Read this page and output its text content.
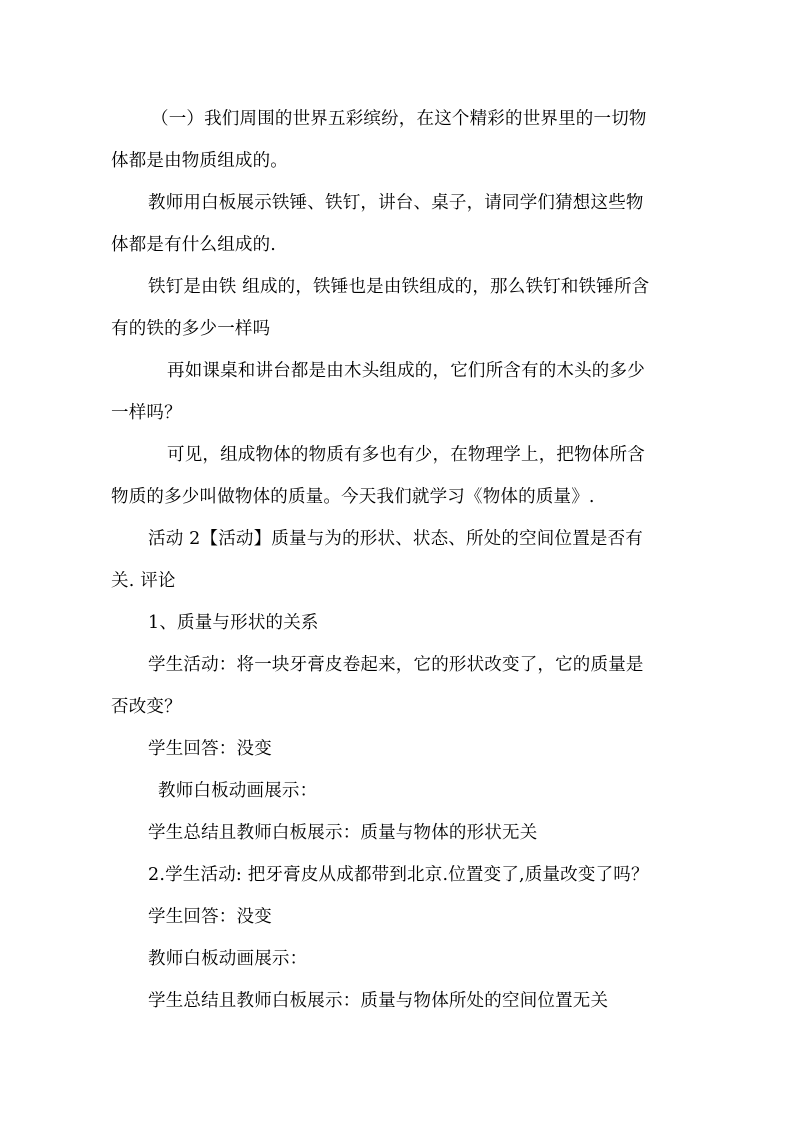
（一）我们周围的世界五彩缤纷，在这个精彩的世界里的一切物
体都是由物质组成的。
教师用白板展示铁锤、铁钉，讲台、桌子，请同学们猜想这些物
体都是有什么组成的.
铁钉是由铁 组成的，铁锤也是由铁组成的，那么铁钉和铁锤所含
有的铁的多少一样吗
再如课桌和讲台都是由木头组成的，它们所含有的木头的多少
一样吗？
可见，组成物体的物质有多也有少，在物理学上，把物体所含
物质的多少叫做物体的质量。今天我们就学习《物体的质量》.
活动 2【活动】质量与为的形状、状态、所处的空间位置是否有
关. 评论
1、质量与形状的关系
学生活动：将一块牙膏皮卷起来，它的形状改变了，它的质量是
否改变？
学生回答：没变
教师白板动画展示：
学生总结且教师白板展示：质量与物体的形状无关
2.学生活动: 把牙膏皮从成都带到北京.位置变了,质量改变了吗？
学生回答：没变
教师白板动画展示：
学生总结且教师白板展示：质量与物体所处的空间位置无关
